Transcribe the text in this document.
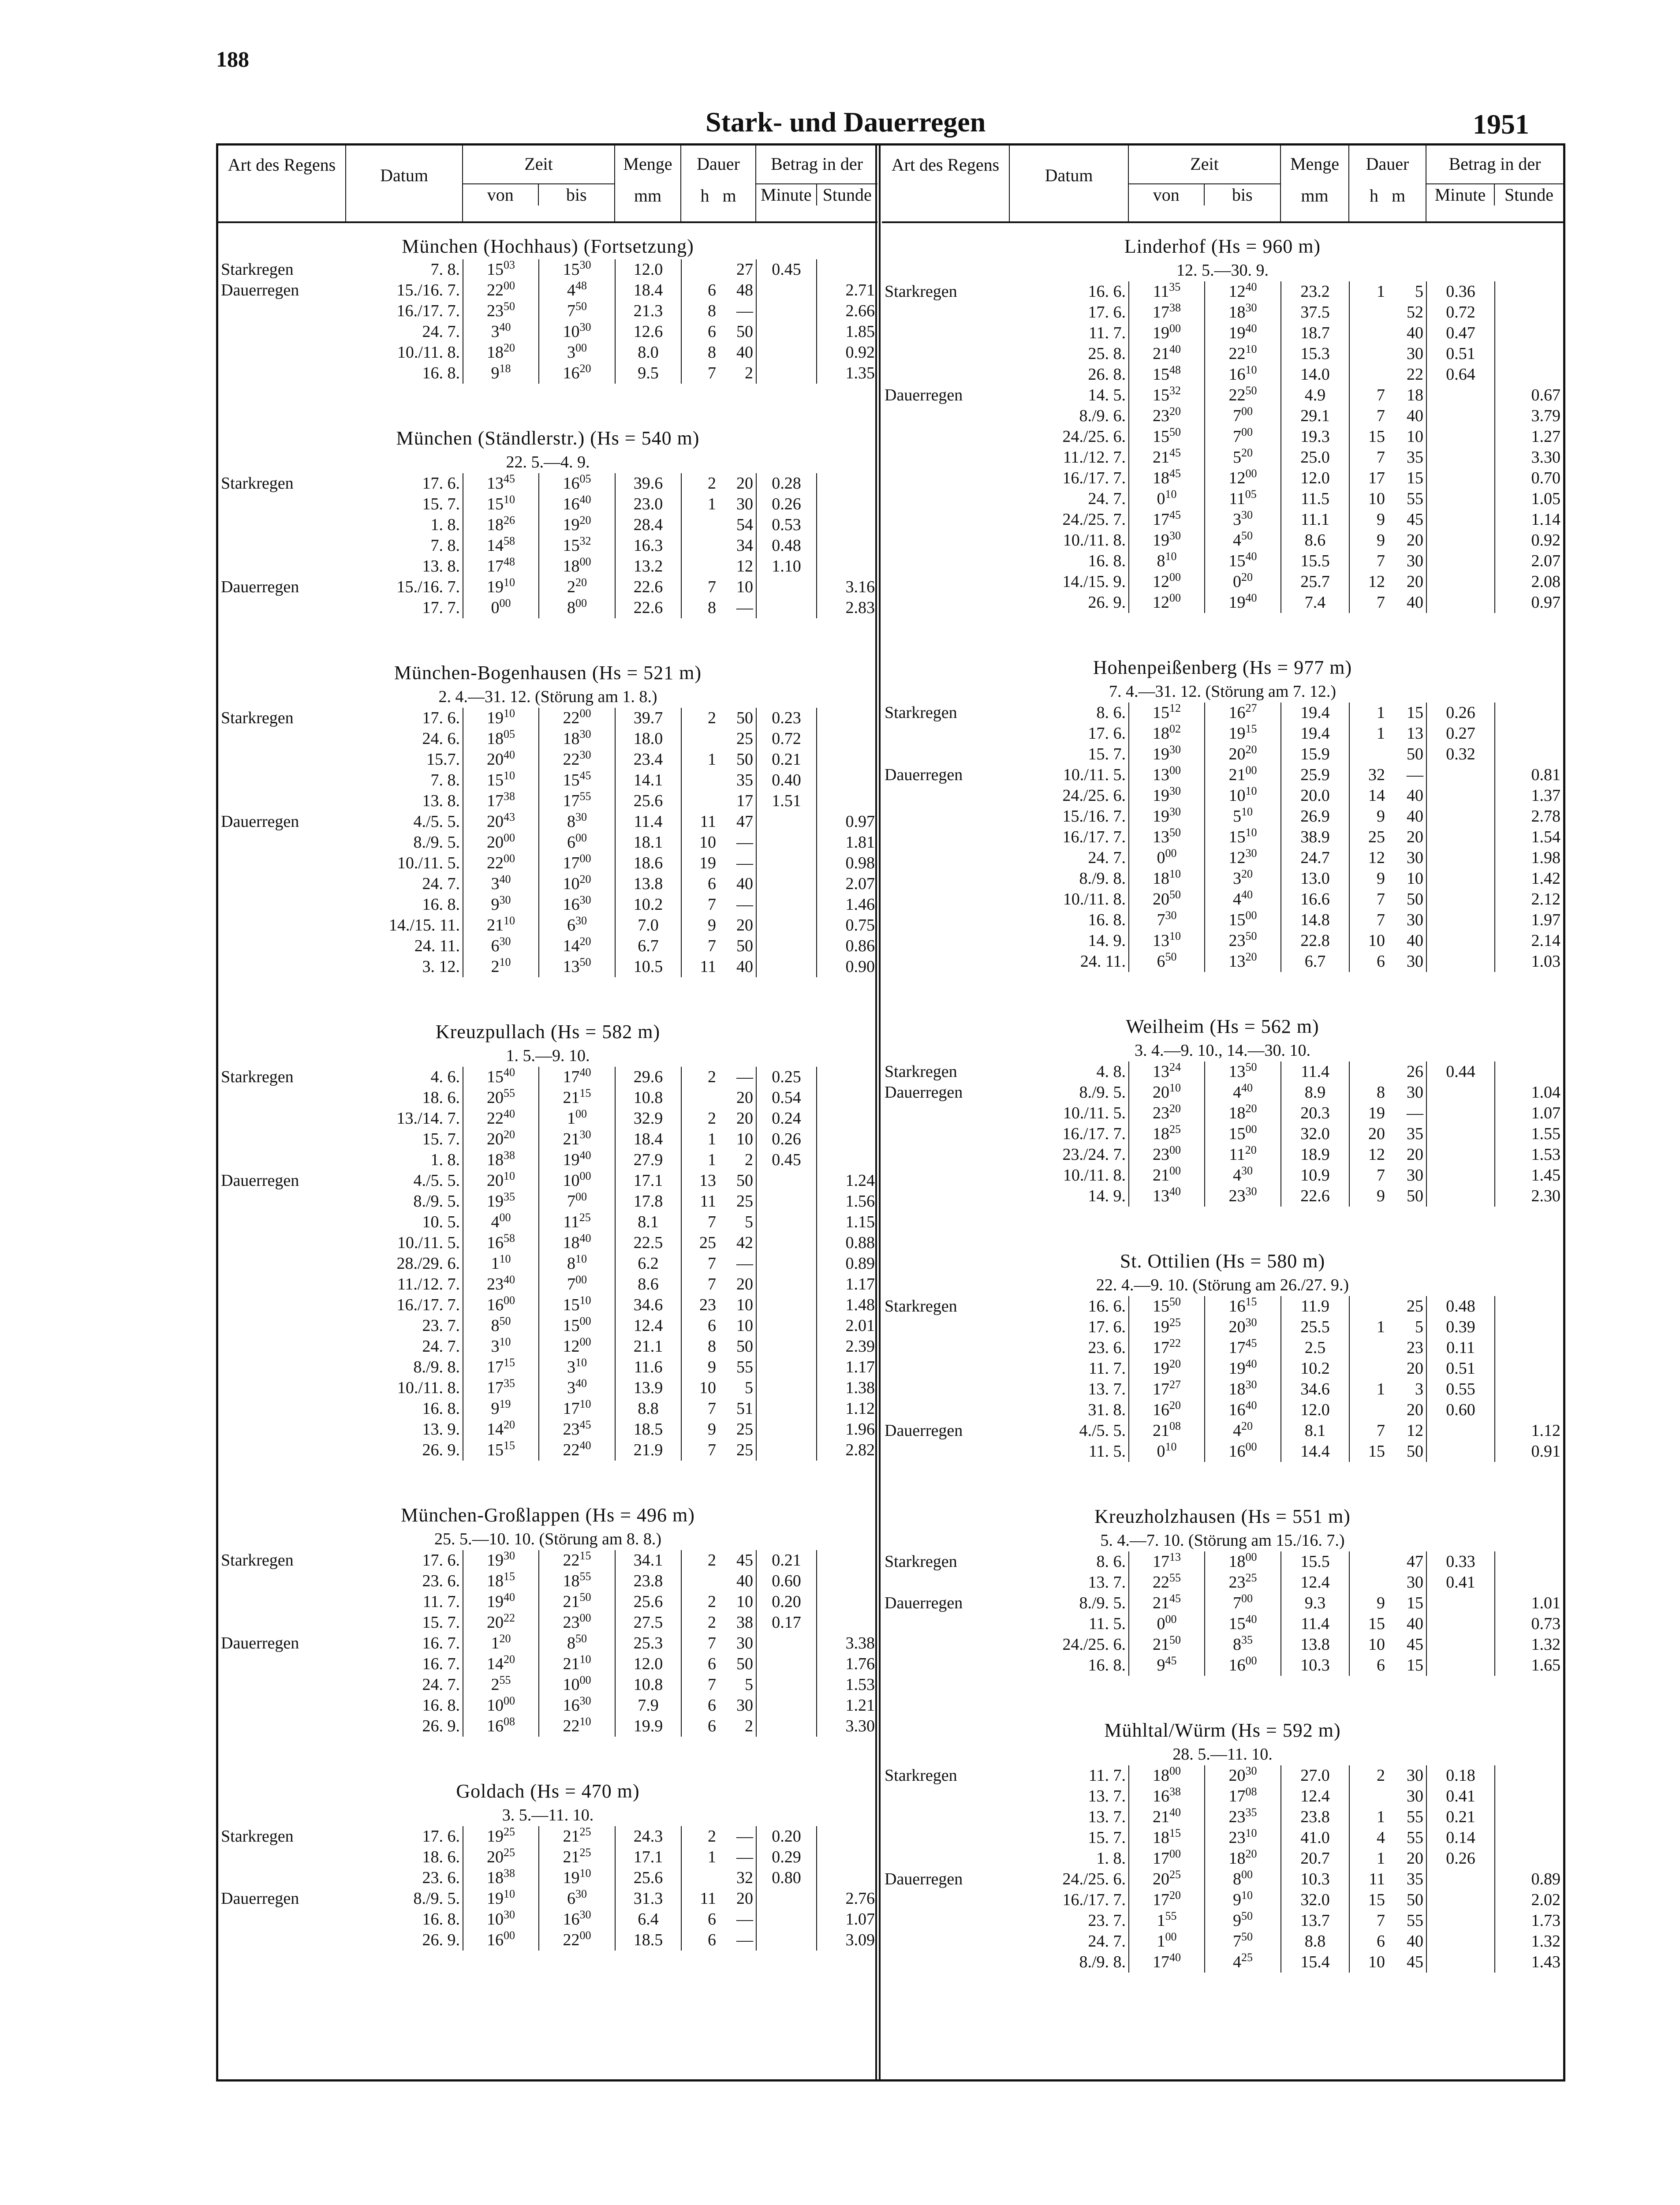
188
Stark- und Dauerregen	1951
Art des Regens
Datum
Zeit
von	bis
Menge
mm
Dauer
h m
Betrag in der
Minute Stunde
München (Hochhaus) (Fortsetzung)
Starkregen	7. 8.	$15^{03}$	$15^{30}$	12.0		27	0.45	
Dauerregen	15./16. 7.	$22^{00}$	$4^{48}$	18.4	6	48		2.71
	16./17. 7.	$23^{50}$	$7^{50}$	21.3	8	—		2.66
	24. 7.	$3^{40}$	$10^{30}$	12.6	6	50		1.85
	10./11. 8.	$18^{20}$	$3^{00}$	8.0	8	40		0.92
	16. 8.	$9^{18}$	$16^{20}$	9.5	7	2		1.35
München (Ständlerstr.) (Hs = 540 m)
22. 5.—4. 9.
Starkregen	17. 6.	$13^{45}$	$16^{05}$	39.6	2	20	0.28	
	15. 7.	$15^{10}$	$16^{40}$	23.0	1	30	0.26	
	1. 8.	$18^{26}$	$19^{20}$	28.4		54	0.53	
	7. 8.	$14^{58}$	$15^{32}$	16.3		34	0.48	
	13. 8.	$17^{48}$	$18^{00}$	13.2		12	1.10	
Dauerregen	15./16. 7.	$19^{10}$	$2^{20}$	22.6	7	10		3.16
	17. 7.	$0^{00}$	$8^{00}$	22.6	8	—		2.83
München-Bogenhausen (Hs = 521 m)
2. 4.—31. 12. (Störung am 1. 8.)
Starkregen	17. 6.	$19^{10}$	$22^{00}$	39.7	2	50	0.23	
	24. 6.	$18^{05}$	$18^{30}$	18.0		25	0.72	
	15.7.	$20^{40}$	$22^{30}$	23.4	1	50	0.21	
	7. 8.	$15^{10}$	$15^{45}$	14.1		35	0.40	
	13. 8.	$17^{38}$	$17^{55}$	25.6		17	1.51	
Dauerregen	4./5. 5.	$20^{43}$	$8^{30}$	11.4	11	47		0.97
	8./9. 5.	$20^{00}$	$6^{00}$	18.1	10	—		1.81
	10./11. 5.	$22^{00}$	$17^{00}$	18.6	19	—		0.98
	24. 7.	$3^{40}$	$10^{20}$	13.8	6	40		2.07
	16. 8.	$9^{30}$	$16^{30}$	10.2	7	—		1.46
	14./15. 11.	$21^{10}$	$6^{30}$	7.0	9	20		0.75
	24. 11.	$6^{30}$	$14^{20}$	6.7	7	50		0.86
	3. 12.	$2^{10}$	$13^{50}$	10.5	11	40		0.90
Kreuzpullach (Hs = 582 m)
1. 5.—9. 10.
Starkregen	4. 6.	$15^{40}$	$17^{40}$	29.6	2	—	0.25	
	18. 6.	$20^{55}$	$21^{15}$	10.8		20	0.54	
	13./14. 7.	$22^{40}$	$1^{00}$	32.9	2	20	0.24	
	15. 7.	$20^{20}$	$21^{30}$	18.4	1	10	0.26	
	1. 8.	$18^{38}$	$19^{40}$	27.9	1	2	0.45	
Dauerregen	4./5. 5.	$20^{10}$	$10^{00}$	17.1	13	50		1.24
	8./9. 5.	$19^{35}$	$7^{00}$	17.8	11	25		1.56
	10. 5.	$4^{00}$	$11^{25}$	8.1	7	5		1.15
	10./11. 5.	$16^{58}$	$18^{40}$	22.5	25	42		0.88
	28./29. 6.	$1^{10}$	$8^{10}$	6.2	7	—		0.89
	11./12. 7.	$23^{40}$	$7^{00}$	8.6	7	20		1.17
	16./17. 7.	$16^{00}$	$15^{10}$	34.6	23	10		1.48
	23. 7.	$8^{50}$	$15^{00}$	12.4	6	10		2.01
	24. 7.	$3^{10}$	$12^{00}$	21.1	8	50		2.39
	8./9. 8.	$17^{15}$	$3^{10}$	11.6	9	55		1.17
	10./11. 8.	$17^{35}$	$3^{40}$	13.9	10	5		1.38
	16. 8.	$9^{19}$	$17^{10}$	8.8	7	51		1.12
	13. 9.	$14^{20}$	$23^{45}$	18.5	9	25		1.96
	26. 9.	$15^{15}$	$22^{40}$	21.9	7	25		2.82
München-Großlappen (Hs = 496 m)
25. 5.—10. 10. (Störung am 8. 8.)
Starkregen	17. 6.	$19^{30}$	$22^{15}$	34.1	2	45	0.21	
	23. 6.	$18^{15}$	$18^{55}$	23.8		40	0.60	
	11. 7.	$19^{40}$	$21^{50}$	25.6	2	10	0.20	
	15. 7.	$20^{22}$	$23^{00}$	27.5	2	38	0.17	
Dauerregen	16. 7.	$1^{20}$	$8^{50}$	25.3	7	30		3.38
	16. 7.	$14^{20}$	$21^{10}$	12.0	6	50		1.76
	24. 7.	$2^{55}$	$10^{00}$	10.8	7	5		1.53
	16. 8.	$10^{00}$	$16^{30}$	7.9	6	30		1.21
	26. 9.	$16^{08}$	$22^{10}$	19.9	6	2		3.30
Goldach (Hs = 470 m)
3. 5.—11. 10.
Starkregen	17. 6.	$19^{25}$	$21^{25}$	24.3	2	—	0.20	
	18. 6.	$20^{25}$	$21^{25}$	17.1	1	—	0.29	
	23. 6.	$18^{38}$	$19^{10}$	25.6		32	0.80	
Dauerregen	8./9. 5.	$19^{10}$	$6^{30}$	31.3	11	20		2.76
	16. 8.	$10^{30}$	$16^{30}$	6.4	6	—		1.07
	26. 9.	$16^{00}$	$22^{00}$	18.5	6	—		3.09
Art des Regens
Datum
Zeit
von	bis
Menge
mm
Dauer
h m
Betrag in der
Minute	Stunde
Linderhof (Hs = 960 m)
12. 5.—30. 9.
Starkregen	16. 6.	$11^{35}$	$12^{40}$	23.2	1	5	0.36	
	17. 6.	$17^{38}$	$18^{30}$	37.5		52	0.72	
	11. 7.	$19^{00}$	$19^{40}$	18.7		40	0.47	
	25. 8.	$21^{40}$	$22^{10}$	15.3		30	0.51	
	26. 8.	$15^{48}$	$16^{10}$	14.0		22	0.64	
Dauerregen	14. 5.	$15^{32}$	$22^{50}$	4.9	7	18		0.67
	8./9. 6.	$23^{20}$	$7^{00}$	29.1	7	40		3.79
	24./25. 6.	$15^{50}$	$7^{00}$	19.3	15	10		1.27
	11./12. 7.	$21^{45}$	$5^{20}$	25.0	7	35		3.30
	16./17. 7.	$18^{45}$	$12^{00}$	12.0	17	15		0.70
	24. 7.	$0^{10}$	$11^{05}$	11.5	10	55		1.05
	24./25. 7.	$17^{45}$	$3^{30}$	11.1	9	45		1.14
	10./11. 8.	$19^{30}$	$4^{50}$	8.6	9	20		0.92
	16. 8.	$8^{10}$	$15^{40}$	15.5	7	30		2.07
	14./15. 9.	$12^{00}$	$0^{20}$	25.7	12	20		2.08
	26. 9.	$12^{00}$	$19^{40}$	7.4	7	40		0.97
Hohenpeißenberg (Hs = 977 m)
7. 4.—31. 12. (Störung am 7. 12.)
Starkregen	8. 6.	$15^{12}$	$16^{27}$	19.4	1	15	0.26	
	17. 6.	$18^{02}$	$19^{15}$	19.4	1	13	0.27	
	15. 7.	$19^{30}$	$20^{20}$	15.9		50	0.32	
Dauerregen	10./11. 5.	$13^{00}$	$21^{00}$	25.9	32	—		0.81
	24./25. 6.	$19^{30}$	$10^{10}$	20.0	14	40		1.37
	15./16. 7.	$19^{30}$	$5^{10}$	26.9	9	40		2.78
	16./17. 7.	$13^{50}$	$15^{10}$	38.9	25	20		1.54
	24. 7.	$0^{00}$	$12^{30}$	24.7	12	30		1.98
	8./9. 8.	$18^{10}$	$3^{20}$	13.0	9	10		1.42
	10./11. 8.	$20^{50}$	$4^{40}$	16.6	7	50		2.12
	16. 8.	$7^{30}$	$15^{00}$	14.8	7	30		1.97
	14. 9.	$13^{10}$	$23^{50}$	22.8	10	40		2.14
	24. 11.	$6^{50}$	$13^{20}$	6.7	6	30		1.03
Weilheim (Hs = 562 m)
3. 4.—9. 10., 14.—30. 10.
Starkregen	4. 8.	$13^{24}$	$13^{50}$	11.4		26	0.44	
Dauerregen	8./9. 5.	$20^{10}$	$4^{40}$	8.9	8	30		1.04
	10./11. 5.	$23^{20}$	$18^{20}$	20.3	19	—		1.07
	16./17. 7.	$18^{25}$	$15^{00}$	32.0	20	35		1.55
	23./24. 7.	$23^{00}$	$11^{20}$	18.9	12	20		1.53
	10./11. 8.	$21^{00}$	$4^{30}$	10.9	7	30		1.45
	14. 9.	$13^{40}$	$23^{30}$	22.6	9	50		2.30
St. Ottilien (Hs = 580 m)
22. 4.—9. 10. (Störung am 26./27. 9.)
Starkregen	16. 6.	$15^{50}$	$16^{15}$	11.9		25	0.48	
	17. 6.	$19^{25}$	$20^{30}$	25.5	1	5	0.39	
	23. 6.	$17^{22}$	$17^{45}$	2.5		23	0.11	
	11. 7.	$19^{20}$	$19^{40}$	10.2		20	0.51	
	13. 7.	$17^{27}$	$18^{30}$	34.6	1	3	0.55	
	31. 8.	$16^{20}$	$16^{40}$	12.0		20	0.60	
Dauerregen	4./5. 5.	$21^{08}$	$4^{20}$	8.1	7	12		1.12
	11. 5.	$0^{10}$	$16^{00}$	14.4	15	50		0.91
Kreuzholzhausen (Hs = 551 m)
5. 4.—7. 10. (Störung am 15./16. 7.)
Starkregen	8. 6.	$17^{13}$	$18^{00}$	15.5		47	0.33	
	13. 7.	$22^{55}$	$23^{25}$	12.4		30	0.41	
Dauerregen	8./9. 5.	$21^{45}$	$7^{00}$	9.3	9	15		1.01
	11. 5.	$0^{00}$	$15^{40}$	11.4	15	40		0.73
	24./25. 6.	$21^{50}$	$8^{35}$	13.8	10	45		1.32
	16. 8.	$9^{45}$	$16^{00}$	10.3	6	15		1.65
Mühltal/Würm (Hs = 592 m)
28. 5.—11. 10.
Starkregen	11. 7.	$18^{00}$	$20^{30}$	27.0	2	30	0.18	
	13. 7.	$16^{38}$	$17^{08}$	12.4		30	0.41	
	13. 7.	$21^{40}$	$23^{35}$	23.8	1	55	0.21	
	15. 7.	$18^{15}$	$23^{10}$	41.0	4	55	0.14	
	1. 8.	$17^{00}$	$18^{20}$	20.7	1	20	0.26	
Dauerregen	24./25. 6.	$20^{25}$	$8^{00}$	10.3	11	35		0.89
	16./17. 7.	$17^{20}$	$9^{10}$	32.0	15	50		2.02
	23. 7.	$1^{55}$	$9^{50}$	13.7	7	55		1.73
	24. 7.	$1^{00}$	$7^{50}$	8.8	6	40		1.32
	8./9. 8.	$17^{40}$	$4^{25}$	15.4	10	45		1.43
